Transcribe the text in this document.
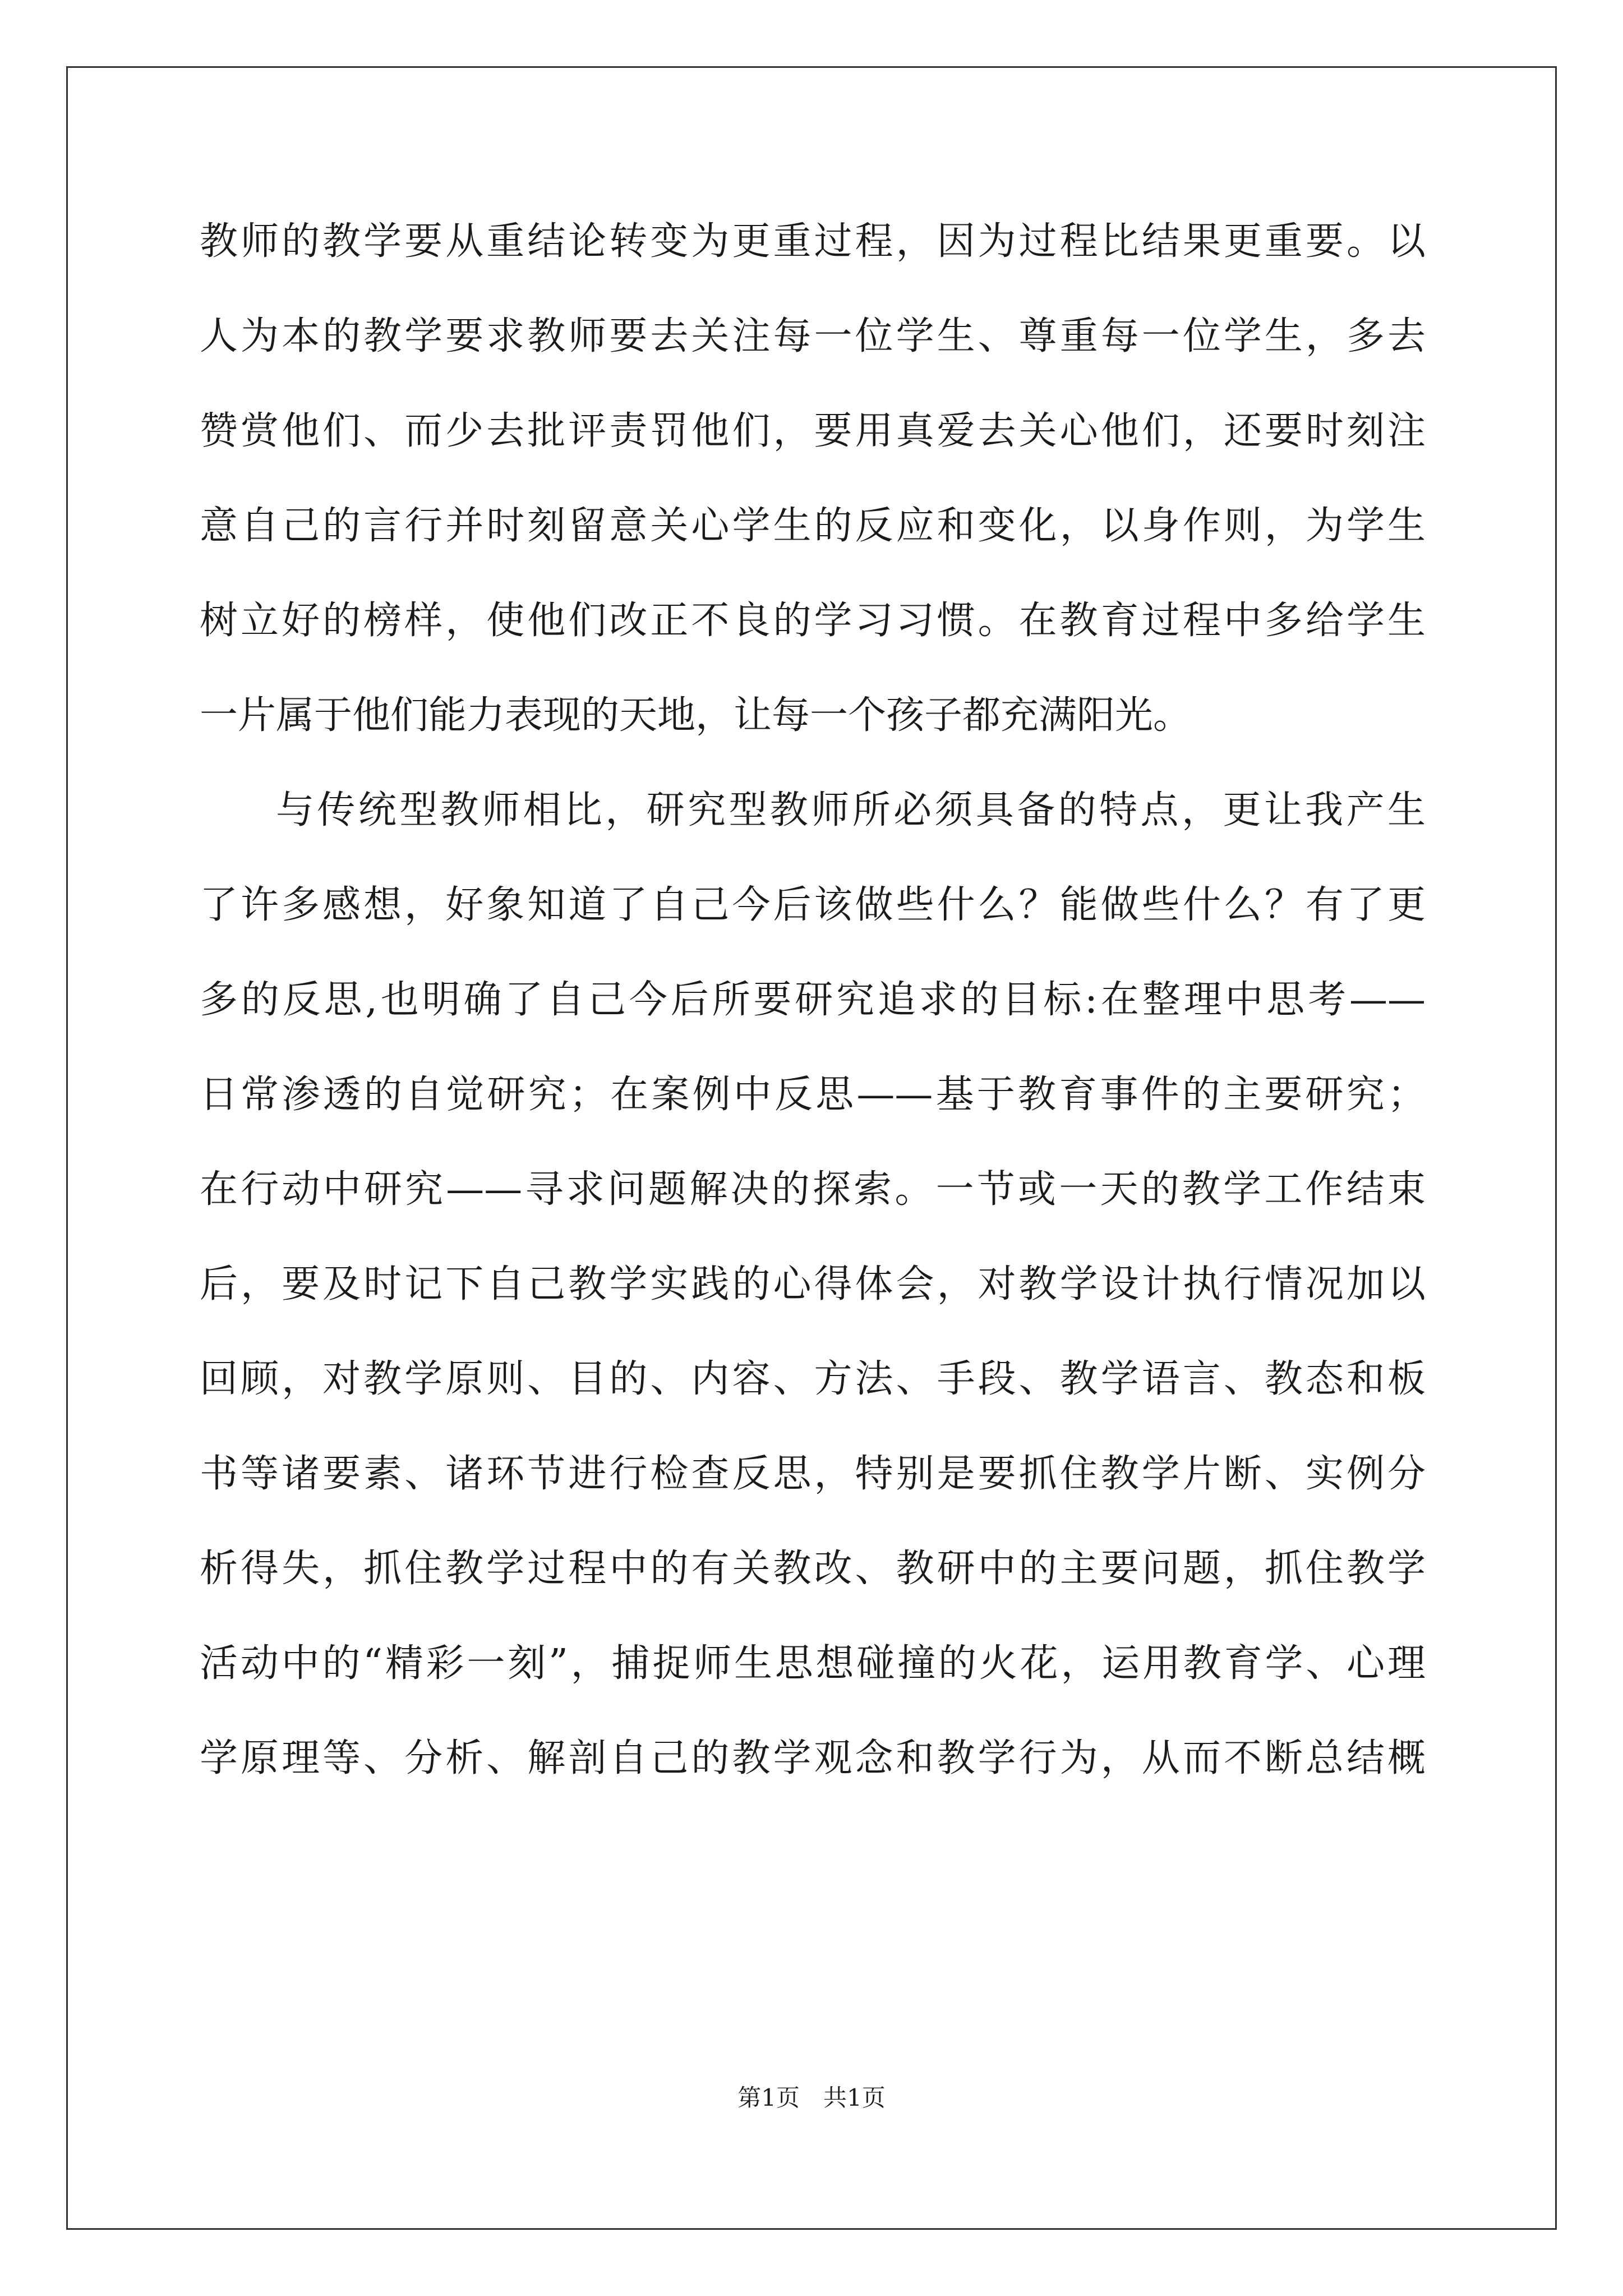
教师的教学要从重结论转变为更重过程，因为过程比结果更重要。以
人为本的教学要求教师要去关注每一位学生、尊重每一位学生，多去
赞赏他们、而少去批评责罚他们，要用真爱去关心他们，还要时刻注
意自己的言行并时刻留意关心学生的反应和变化，以身作则，为学生
树立好的榜样，使他们改正不良的学习习惯。在教育过程中多给学生
一片属于他们能力表现的天地，让每一个孩子都充满阳光。
与传统型教师相比，研究型教师所必须具备的特点，更让我产生
了许多感想，好象知道了自己今后该做些什么？能做些什么？有了更
多的反思,也明确了自己今后所要研究追求的目标:在整理中思考——
日常渗透的自觉研究；在案例中反思——基于教育事件的主要研究；
在行动中研究——寻求问题解决的探索。一节或一天的教学工作结束
后，要及时记下自己教学实践的心得体会，对教学设计执行情况加以
回顾，对教学原则、目的、内容、方法、手段、教学语言、教态和板
书等诸要素、诸环节进行检查反思，特别是要抓住教学片断、实例分
析得失，抓住教学过程中的有关教改、教研中的主要问题，抓住教学
活动中的“精彩一刻”，捕捉师生思想碰撞的火花，运用教育学、心理
学原理等、分析、解剖自己的教学观念和教学行为，从而不断总结概
第1页　共1页
